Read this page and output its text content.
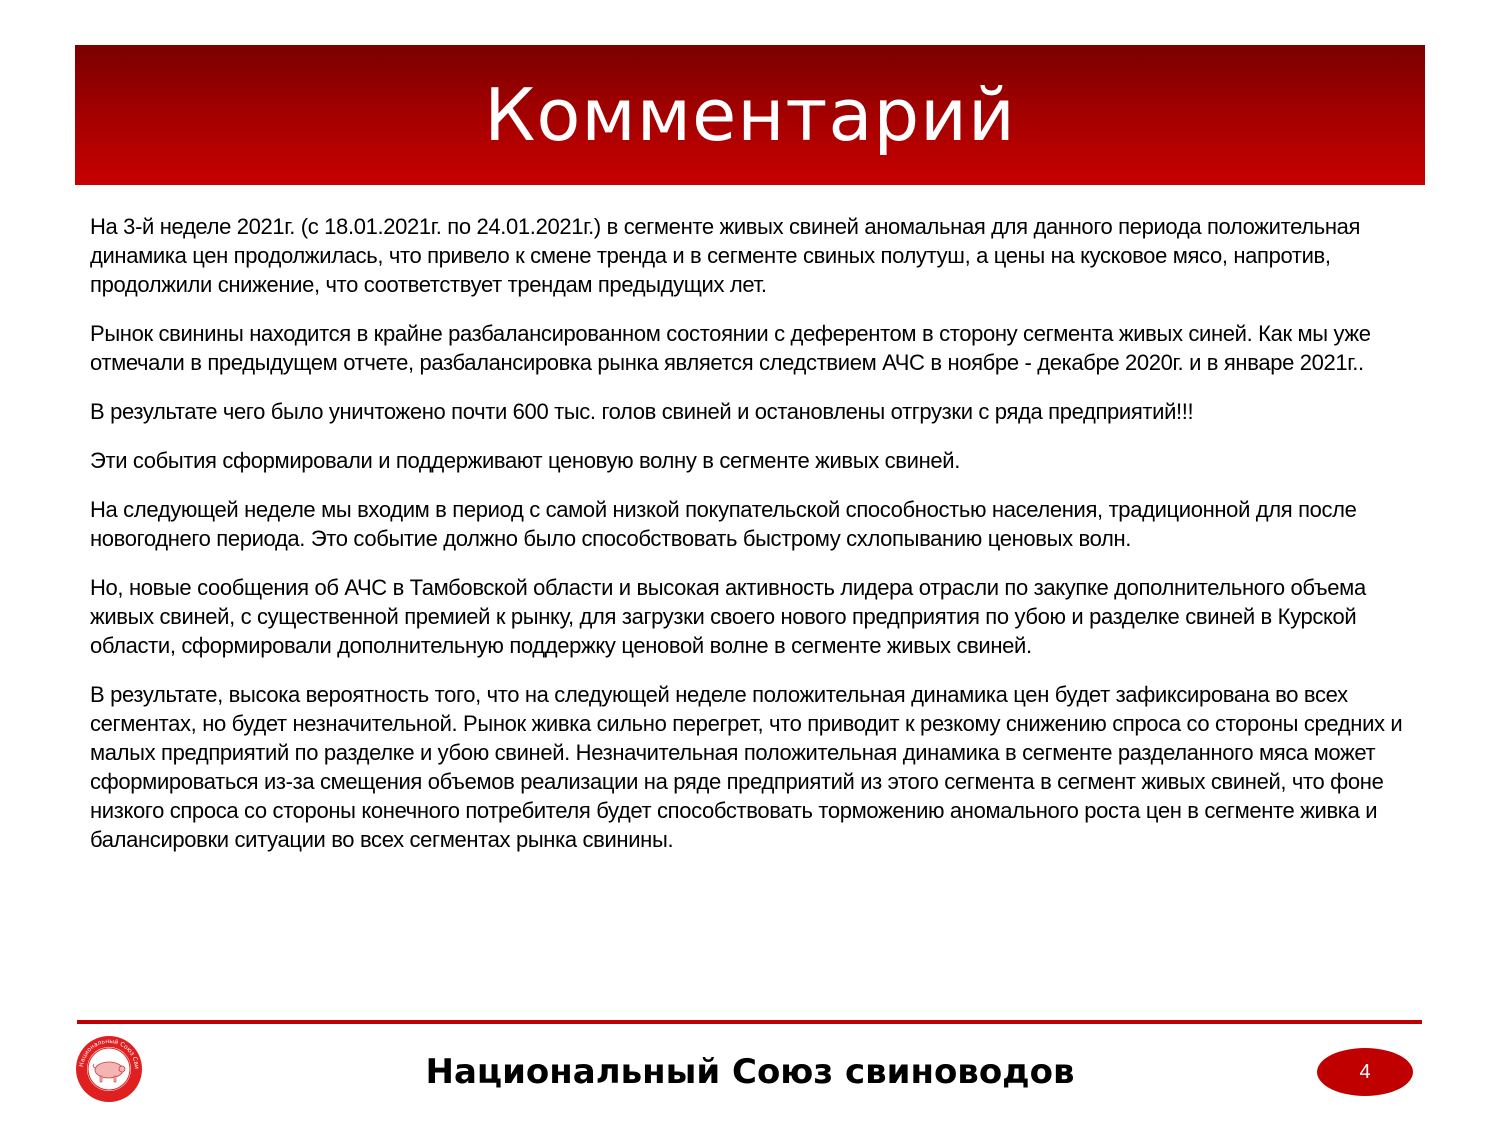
Комментарий

На 3-й неделе 2021г. (с 18.01.2021г. по 24.01.2021г.) в сегменте живых свиней аномальная для данного периода положительная динамика цен продолжилась, что привело к смене тренда и в сегменте свиных полутуш, а цены на кусковое мясо, напротив, продолжили снижение, что соответствует трендам предыдущих лет.

Рынок свинины находится в крайне разбалансированном состоянии с деферентом в сторону сегмента живых синей. Как мы уже отмечали в предыдущем отчете, разбалансировка рынка является следствием АЧС в ноябре - декабре 2020г. и в январе 2021г..

В результате чего было уничтожено почти 600 тыс. голов свиней и остановлены отгрузки с ряда предприятий!!!

Эти события сформировали и поддерживают ценовую волну в сегменте живых свиней.

На следующей неделе мы входим в период с самой низкой покупательской способностью населения, традиционной для после новогоднего периода. Это событие должно было способствовать быстрому схлопыванию ценовых волн.

Но, новые сообщения об АЧС в Тамбовской области и высокая активность лидера отрасли по закупке дополнительного объема живых свиней, с существенной премией к рынку, для загрузки своего нового предприятия по убою и разделке свиней в Курской области, сформировали дополнительную поддержку ценовой волне в сегменте живых свиней.

В результате, высока вероятность того, что на следующей неделе положительная динамика цен будет зафиксирована во всех сегментах, но будет незначительной. Рынок живка сильно перегрет, что приводит к резкому снижению спроса со стороны средних и малых предприятий по разделке и убою свиней. Незначительная положительная динамика в сегменте разделанного мяса может сформироваться из-за смещения объемов реализации на ряде предприятий из этого сегмента в сегмент живых свиней, что фоне низкого спроса со стороны конечного потребителя будет способствовать торможению аномального роста цен в сегменте живка и балансировки ситуации во всех сегментах рынка свинины.

Национальный Союз Сви	Национальный Союз свиноводов	4
